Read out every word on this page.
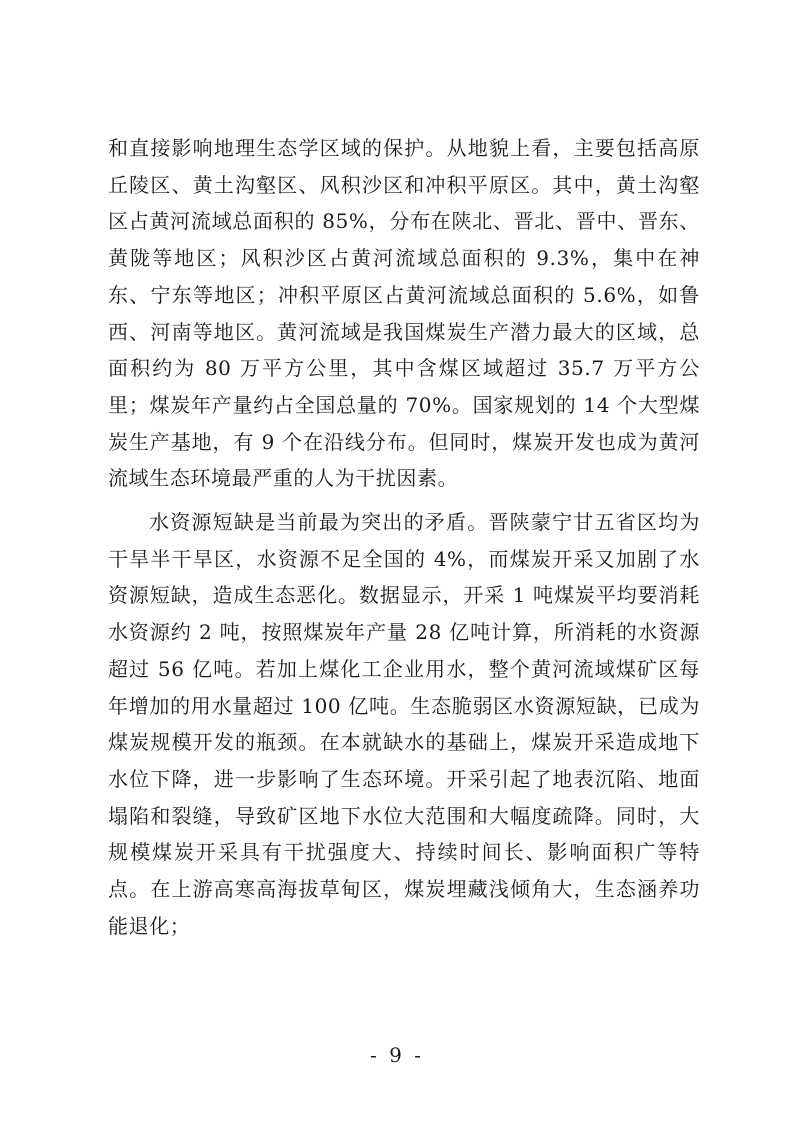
和直接影响地理生态学区域的保护。从地貌上看，主要包括高原丘陵区、黄土沟壑区、风积沙区和冲积平原区。其中，黄土沟壑区占黄河流域总面积的 85%，分布在陕北、晋北、晋中、晋东、黄陇等地区；风积沙区占黄河流域总面积的 9.3%，集中在神东、宁东等地区；冲积平原区占黄河流域总面积的 5.6%，如鲁西、河南等地区。黄河流域是我国煤炭生产潜力最大的区域，总面积约为 80 万平方公里，其中含煤区域超过 35.7 万平方公里；煤炭年产量约占全国总量的 70%。国家规划的 14 个大型煤炭生产基地，有 9 个在沿线分布。但同时，煤炭开发也成为黄河流域生态环境最严重的人为干扰因素。

水资源短缺是当前最为突出的矛盾。晋陕蒙宁甘五省区均为干旱半干旱区，水资源不足全国的 4%，而煤炭开采又加剧了水资源短缺，造成生态恶化。数据显示，开采 1 吨煤炭平均要消耗水资源约 2 吨，按照煤炭年产量 28 亿吨计算，所消耗的水资源超过 56 亿吨。若加上煤化工企业用水，整个黄河流域煤矿区每年增加的用水量超过 100 亿吨。生态脆弱区水资源短缺，已成为煤炭规模开发的瓶颈。在本就缺水的基础上，煤炭开采造成地下水位下降，进一步影响了生态环境。开采引起了地表沉陷、地面塌陷和裂缝，导致矿区地下水位大范围和大幅度疏降。同时，大规模煤炭开采具有干扰强度大、持续时间长、影响面积广等特点。在上游高寒高海拔草甸区，煤炭埋藏浅倾角大，生态涵养功能退化；

- 9 -
